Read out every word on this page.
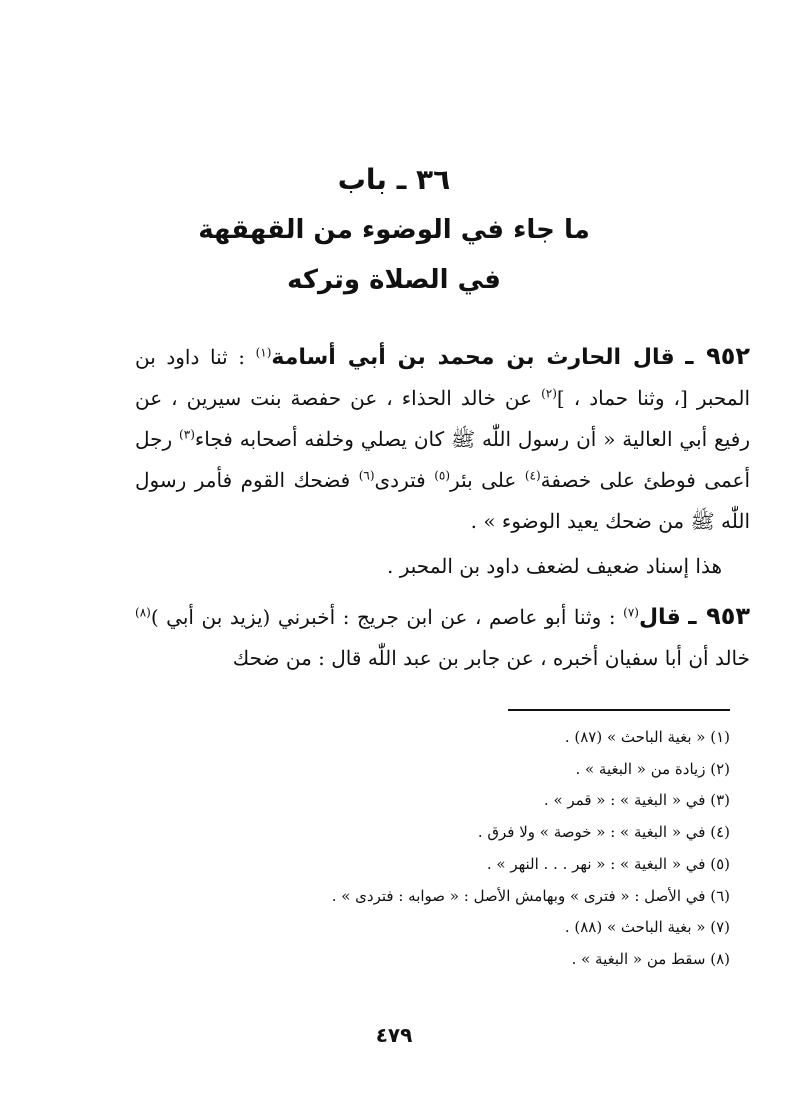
٣٦ ـ باب
ما جاء في الوضوء من القهقهة
في الصلاة وتركه

٩٥٢ ـ قال الحارث بن محمد بن أبي أسامة$^{(١)}$ : ثنا داود بن المحبر [، وثنا حماد ، ]$^{(٢)}$ عن خالد الحذاء ، عن حفصة بنت سيرين ، عن رفيع أبي العالية « أن رسول اللّٰه ﷺ كان يصلي وخلفه أصحابه فجاء$^{(٣)}$ رجل أعمى فوطئ على خصفة$^{(٤)}$ على بئر$^{(٥)}$ فتردى$^{(٦)}$ فضحك القوم فأمر رسول اللّٰه ﷺ من ضحك يعيد الوضوء » .

هذا إسناد ضعيف لضعف داود بن المحبر .

٩٥٣ ـ قال$^{(٧)}$ : وثنا أبو عاصم ، عن ابن جريج : أخبرني (يزيد بن أبي )$^{(٨)}$ خالد أن أبا سفيان أخبره ، عن جابر بن عبد اللّٰه قال : من ضحك

(١) « بغية الباحث » (٨٧) .
(٢) زيادة من « البغية » .
(٣) في « البغية » : « قمر » .
(٤) في « البغية » : « خوصة » ولا فرق .
(٥) في « البغية » : « نهر . . . النهر » .
(٦) في الأصل : « فترى » وبهامش الأصل : « صوابه : فتردى » .
(٧) « بغية الباحث » (٨٨) .
(٨) سقط من « البغية » .
٤٧٩
